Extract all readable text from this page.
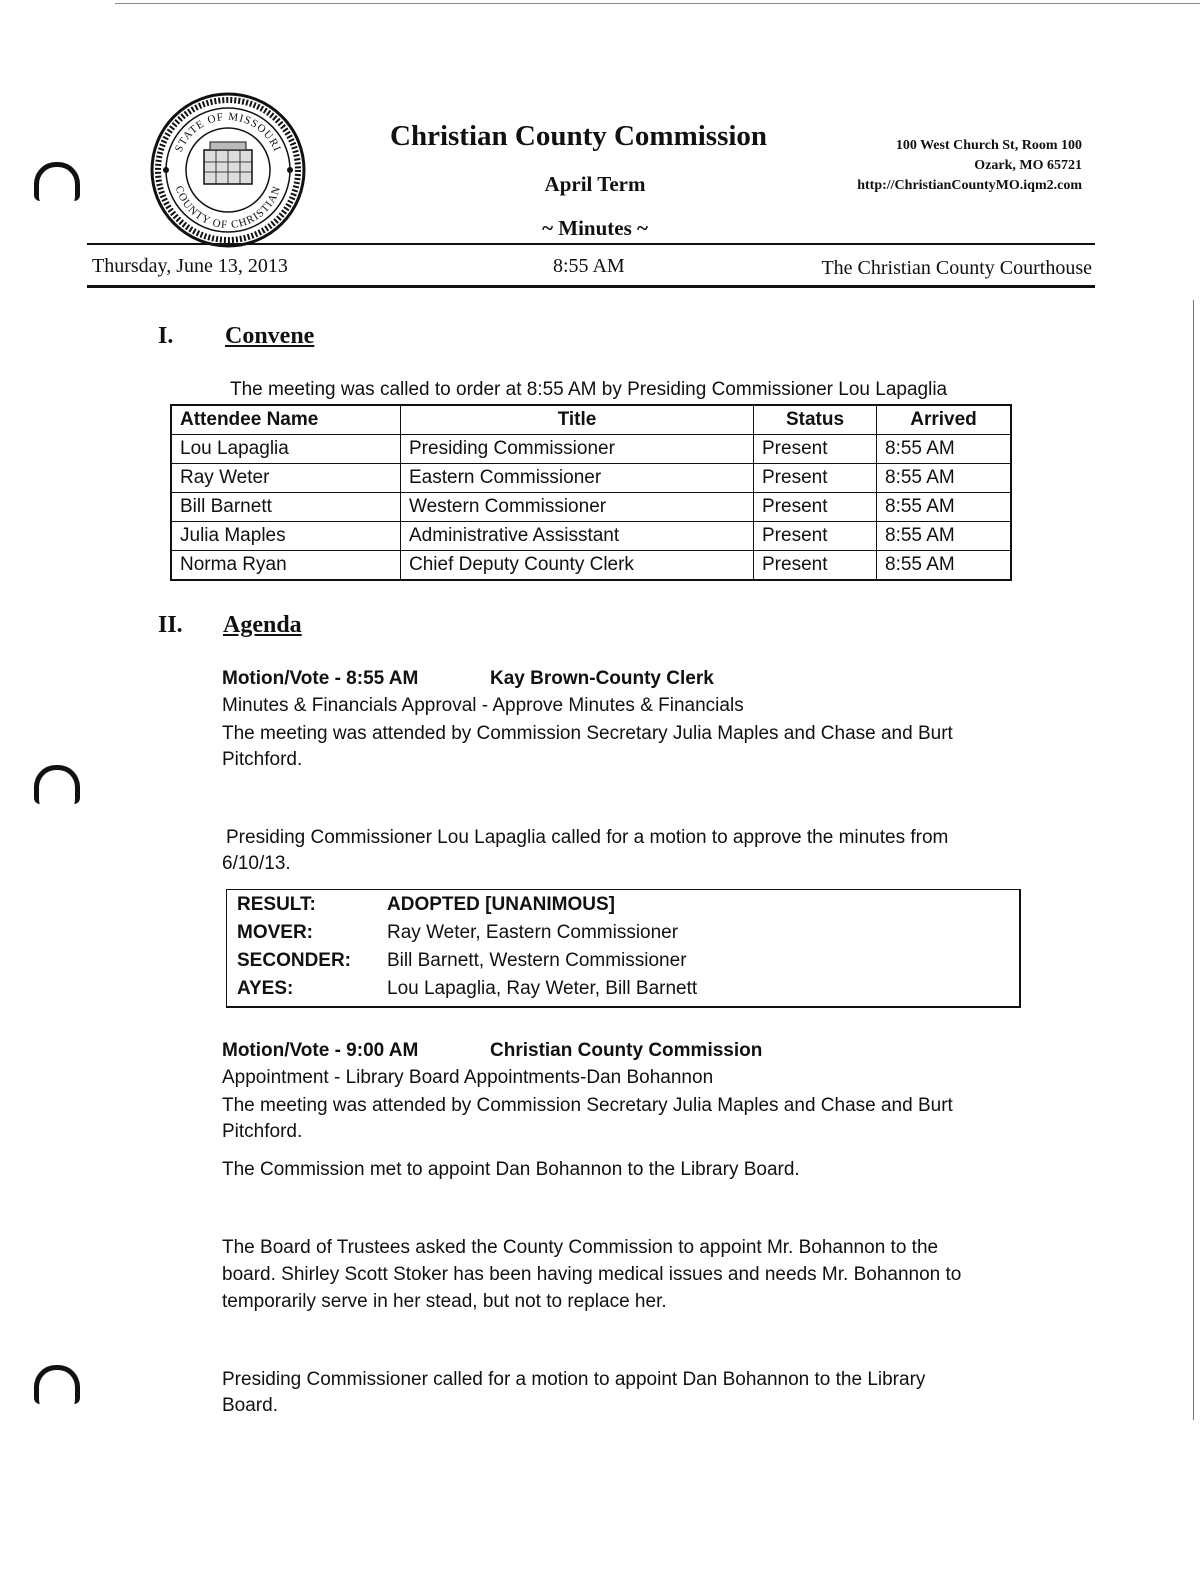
STATE OF MISSOURI
COUNTY OF CHRISTIAN
Christian County Commission
April Term
~ Minutes ~
100 West Church St, Room 100
Ozark, MO 65721
http://ChristianCountyMO.iqm2.com
Thursday, June 13, 2013	8:55 AM	The Christian County Courthouse
I. Convene
The meeting was called to order at 8:55 AM by Presiding Commissioner Lou Lapaglia
Attendee Name	Title	Status	Arrived
Lou Lapaglia	Presiding Commissioner	Present	8:55 AM
Ray Weter	Eastern Commissioner	Present	8:55 AM
Bill Barnett	Western Commissioner	Present	8:55 AM
Julia Maples	Administrative Assisstant	Present	8:55 AM
Norma Ryan	Chief Deputy County Clerk	Present	8:55 AM
II. Agenda
Motion/Vote - 8:55 AM	Kay Brown-County Clerk
Minutes & Financials Approval - Approve Minutes & Financials
The meeting was attended by Commission Secretary Julia Maples and Chase and Burt
Pitchford.
Presiding Commissioner Lou Lapaglia called for a motion to approve the minutes from
6/10/13.
RESULT:	ADOPTED [UNANIMOUS]
MOVER:	Ray Weter, Eastern Commissioner
SECONDER: Bill Barnett, Western Commissioner
AYES:	Lou Lapaglia, Ray Weter, Bill Barnett
Motion/Vote - 9:00 AM	Christian County Commission
Appointment - Library Board Appointments-Dan Bohannon
The meeting was attended by Commission Secretary Julia Maples and Chase and Burt
Pitchford.
The Commission met to appoint Dan Bohannon to the Library Board.
The Board of Trustees asked the County Commission to appoint Mr. Bohannon to the
board. Shirley Scott Stoker has been having medical issues and needs Mr. Bohannon to
temporarily serve in her stead, but not to replace her.
Presiding Commissioner called for a motion to appoint Dan Bohannon to the Library
Board.
